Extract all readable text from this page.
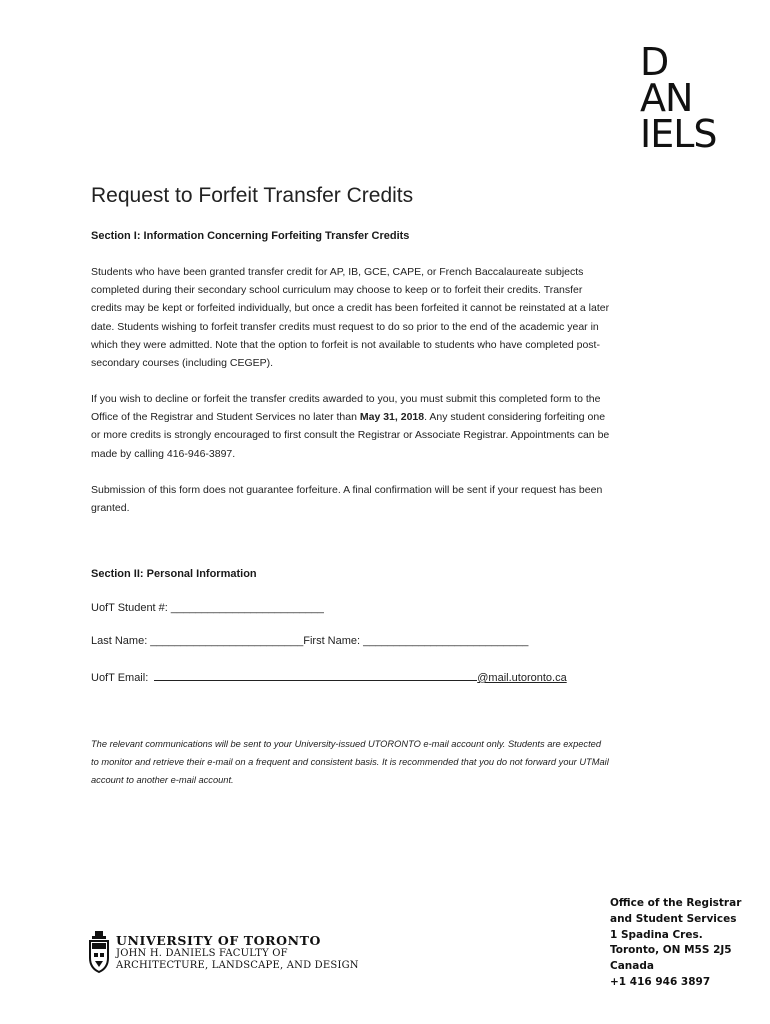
D
AN
IELS
Request to Forfeit Transfer Credits
Section I: Information Concerning Forfeiting Transfer Credits

Students who have been granted transfer credit for AP, IB, GCE, CAPE, or French Baccalaureate subjects completed during their secondary school curriculum may choose to keep or to forfeit their credits. Transfer credits may be kept or forfeited individually, but once a credit has been forfeited it cannot be reinstated at a later date. Students wishing to forfeit transfer credits must request to do so prior to the end of the academic year in which they were admitted. Note that the option to forfeit is not available to students who have completed post-secondary courses (including CEGEP).

If you wish to decline or forfeit the transfer credits awarded to you, you must submit this completed form to the Office of the Registrar and Student Services no later than May 31, 2018. Any student considering forfeiting one or more credits is strongly encouraged to first consult the Registrar or Associate Registrar. Appointments can be made by calling 416-946-3897.

Submission of this form does not guarantee forfeiture. A final confirmation will be sent if your request has been granted.

Section II: Personal Information
UofT Student #: _________________________
Last Name: _________________________First Name: ___________________________
UofT Email:	@mail.utoronto.ca

The relevant communications will be sent to your University-issued UTORONTO e-mail account only. Students are expected to monitor and retrieve their e-mail on a frequent and consistent basis. It is recommended that you do not forward your UTMail account to another e-mail account.

Office of the Registrar
and Student Services
1 Spadina Cres.
Toronto, ON M5S 2J5
Canada
+1 416 946 3897
UNIVERSITY OF TORONTO
JOHN H. DANIELS FACULTY OF
ARCHITECTURE, LANDSCAPE, AND DESIGN
